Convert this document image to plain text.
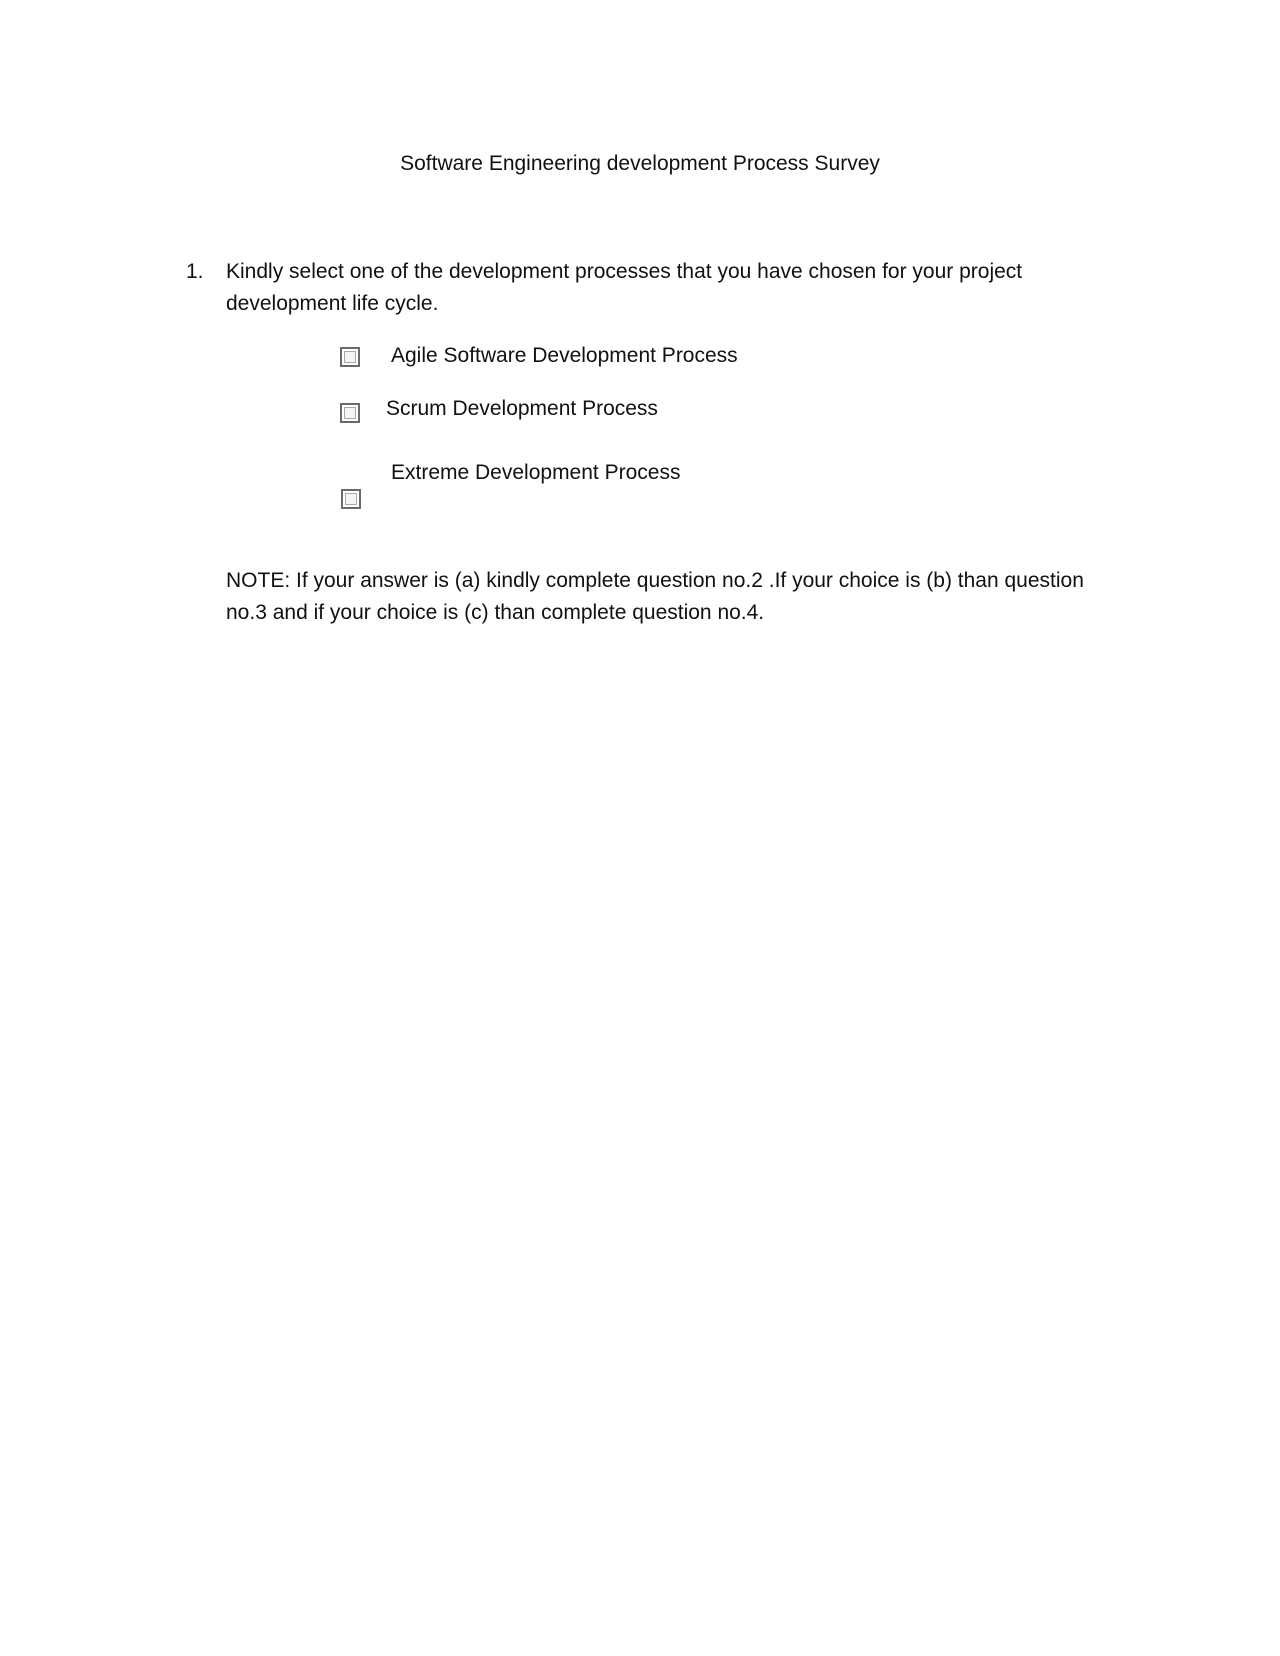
Software Engineering development Process Survey
1. Kindly select one of the development processes that you have chosen for your project development life cycle.
Agile Software Development Process
Scrum Development Process
Extreme Development Process
NOTE: If your answer is (a) kindly complete question no.2 .If your choice is (b) than question no.3 and if your choice is (c) than complete question no.4.
